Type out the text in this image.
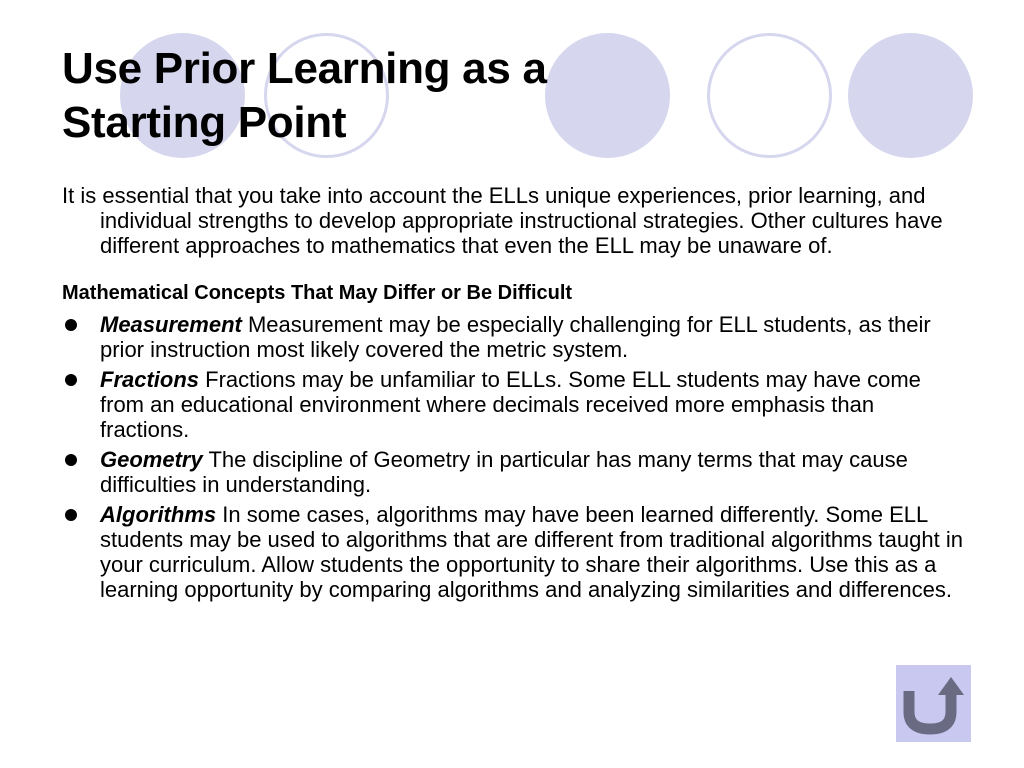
Use Prior Learning as a
Starting Point

It is essential that you take into account the ELLs unique experiences, prior learning, and individual strengths to develop appropriate instructional strategies. Other cultures have different approaches to mathematics that even the ELL may be unaware of.

Mathematical Concepts That May Differ or Be Difficult

Measurement Measurement may be especially challenging for ELL students, as their prior instruction most likely covered the metric system.
Fractions Fractions may be unfamiliar to ELLs. Some ELL students may have come from an educational environment where decimals received more emphasis than fractions.
Geometry The discipline of Geometry in particular has many terms that may cause difficulties in understanding.
Algorithms In some cases, algorithms may have been learned differently. Some ELL students may be used to algorithms that are different from traditional algorithms taught in your curriculum. Allow students the opportunity to share their algorithms. Use this as a learning opportunity by comparing algorithms and analyzing similarities and differences.
